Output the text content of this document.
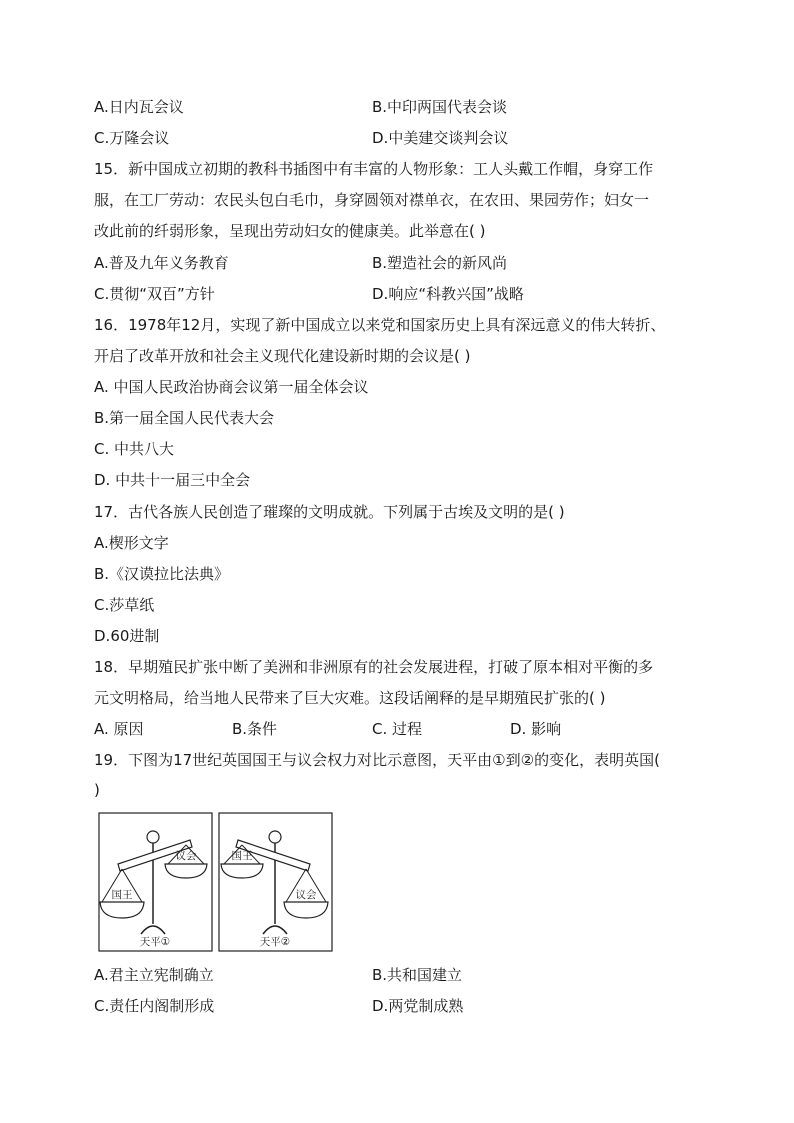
A.日内瓦会议	B.中印两国代表会谈
C.万隆会议	D.中美建交谈判会议
15．新中国成立初期的教科书插图中有丰富的人物形象：工人头戴工作帽，身穿工作
服，在工厂劳动：农民头包白毛巾，身穿圆领对襟单衣，在农田、果园劳作；妇女一
改此前的纤弱形象，呈现出劳动妇女的健康美。此举意在( )
A.普及九年义务教育	B.塑造社会的新风尚
C.贯彻“双百”方针	D.响应“科教兴国”战略
16．1978年12月，实现了新中国成立以来党和国家历史上具有深远意义的伟大转折、
开启了改革开放和社会主义现代化建设新时期的会议是( )
A. 中国人民政治协商会议第一届全体会议
B.第一届全国人民代表大会
C. 中共八大
D. 中共十一届三中全会
17．古代各族人民创造了璀璨的文明成就。下列属于古埃及文明的是( )
A.楔形文字
B.《汉谟拉比法典》
C.莎草纸
D.60进制
18．早期殖民扩张中断了美洲和非洲原有的社会发展进程，打破了原本相对平衡的多
元文明格局，给当地人民带来了巨大灾难。这段话阐释的是早期殖民扩张的( )
A. 原因	B.条件	C. 过程	D. 影响
19．下图为17世纪英国国王与议会权力对比示意图，天平由①到②的变化，表明英国(
)
议会
国王
天平①
国王
议会
天平②
A.君主立宪制确立	B.共和国建立
C.责任内阁制形成	D.两党制成熟
